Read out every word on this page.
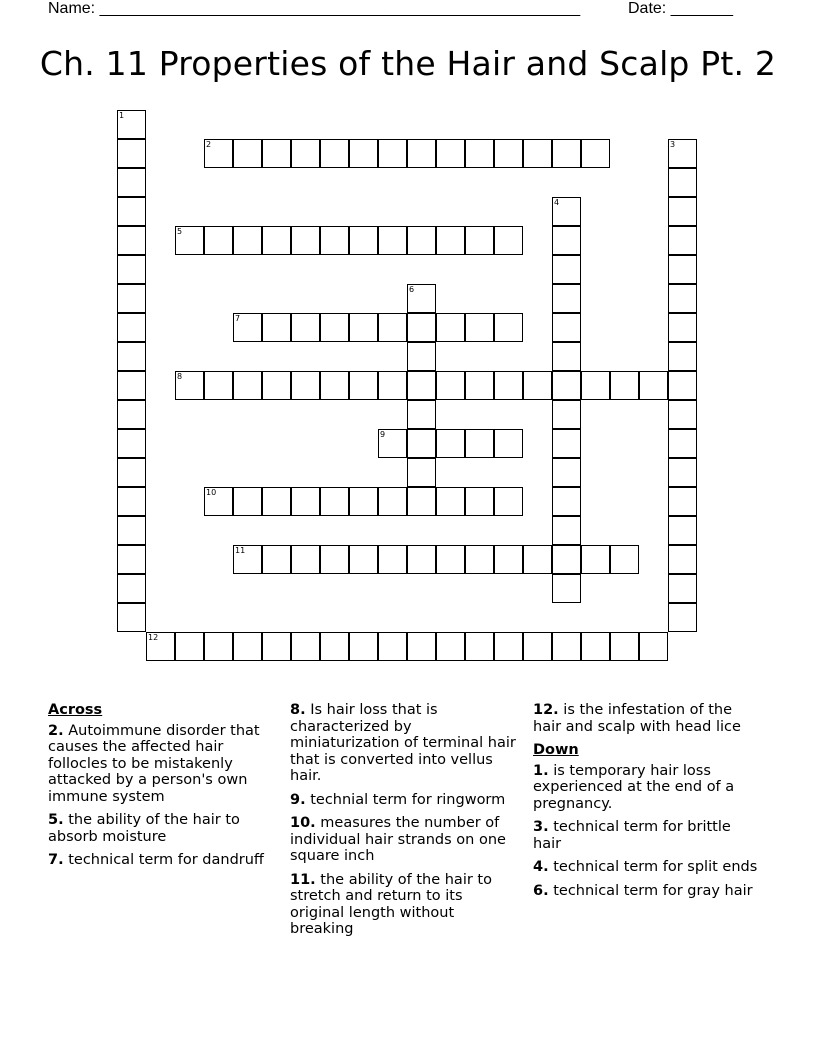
Name: ______________________________________________________	Date: _______
Ch. 11 Properties of the Hair and Scalp Pt. 2
1
2	3
4
5
6
7
8
9
10
11
12
Across
2. Autoimmune disorder that causes the affected hair follocles to be mistakenly attacked by a person's own immune system
5. the ability of the hair to absorb moisture
7. technical term for dandruff
8. Is hair loss that is characterized by miniaturization of terminal hair that is converted into vellus hair.
9. technial term for ringworm
10. measures the number of individual hair strands on one square inch
11. the ability of the hair to stretch and return to its original length without breaking
12. is the infestation of the hair and scalp with head lice
Down
1. is temporary hair loss experienced at the end of a pregnancy.
3. technical term for brittle hair
4. technical term for split ends
6. technical term for gray hair
